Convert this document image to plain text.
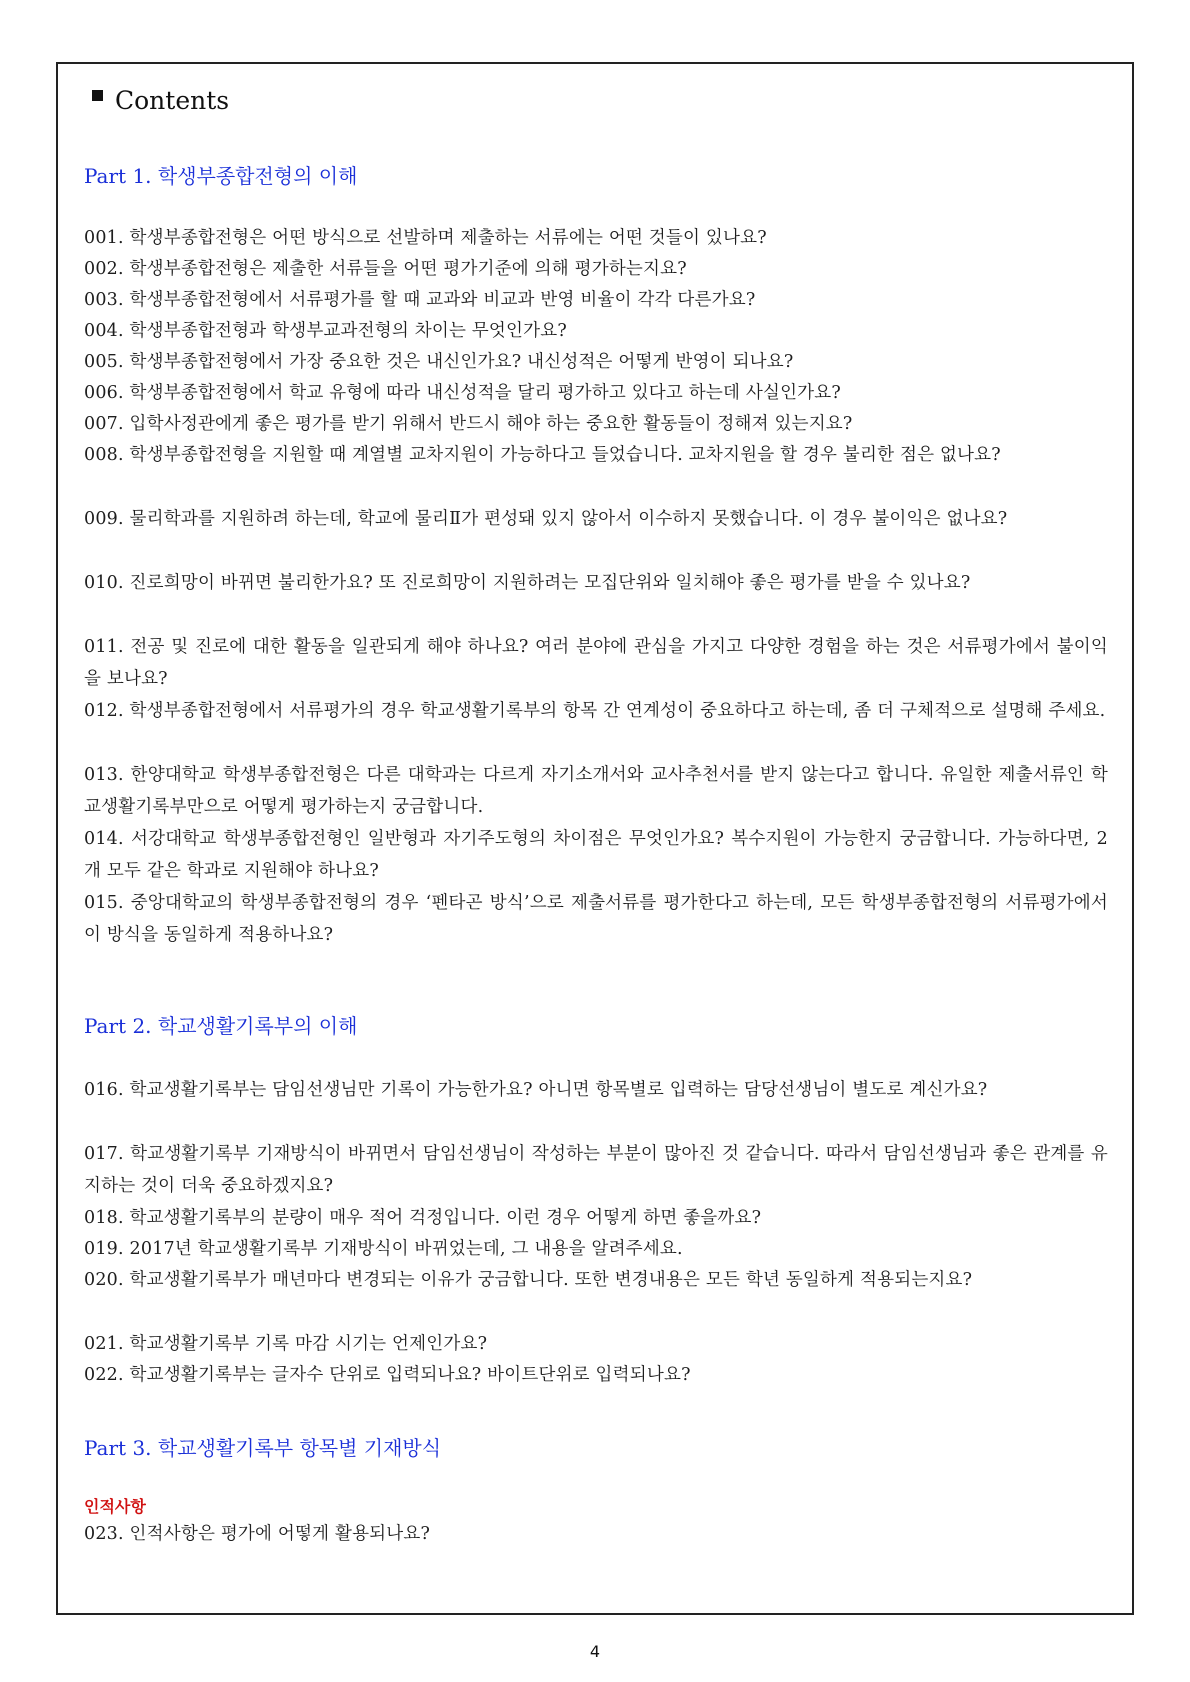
Contents
Part 1. 학생부종합전형의 이해

001. 학생부종합전형은 어떤 방식으로 선발하며 제출하는 서류에는 어떤 것들이 있나요?

002. 학생부종합전형은 제출한 서류들을 어떤 평가기준에 의해 평가하는지요?

003. 학생부종합전형에서 서류평가를 할 때 교과와 비교과 반영 비율이 각각 다른가요?

004. 학생부종합전형과 학생부교과전형의 차이는 무엇인가요?

005. 학생부종합전형에서 가장 중요한 것은 내신인가요? 내신성적은 어떻게 반영이 되나요?

006. 학생부종합전형에서 학교 유형에 따라 내신성적을 달리 평가하고 있다고 하는데 사실인가요?

007. 입학사정관에게 좋은 평가를 받기 위해서 반드시 해야 하는 중요한 활동들이 정해져 있는지요?

008. 학생부종합전형을 지원할 때 계열별 교차지원이 가능하다고 들었습니다. 교차지원을 할 경우 불리한 점은 없나요?

009. 물리학과를 지원하려 하는데, 학교에 물리Ⅱ가 편성돼 있지 않아서 이수하지 못했습니다. 이 경우 불이익은 없나요?

010. 진로희망이 바뀌면 불리한가요? 또 진로희망이 지원하려는 모집단위와 일치해야 좋은 평가를 받을 수 있나요?

011. 전공 및 진로에 대한 활동을 일관되게 해야 하나요? 여러 분야에 관심을 가지고 다양한 경험을 하는 것은 서류평가에서 불이익을 보나요?

012. 학생부종합전형에서 서류평가의 경우 학교생활기록부의 항목 간 연계성이 중요하다고 하는데, 좀 더 구체적으로 설명해 주세요.

013. 한양대학교 학생부종합전형은 다른 대학과는 다르게 자기소개서와 교사추천서를 받지 않는다고 합니다. 유일한 제출서류인 학교생활기록부만으로 어떻게 평가하는지 궁금합니다.

014. 서강대학교 학생부종합전형인 일반형과 자기주도형의 차이점은 무엇인가요? 복수지원이 가능한지 궁금합니다. 가능하다면, 2개 모두 같은 학과로 지원해야 하나요?

015. 중앙대학교의 학생부종합전형의 경우 ‘펜타곤 방식’으로 제출서류를 평가한다고 하는데, 모든 학생부종합전형의 서류평가에서 이 방식을 동일하게 적용하나요?

Part 2. 학교생활기록부의 이해

016. 학교생활기록부는 담임선생님만 기록이 가능한가요? 아니면 항목별로 입력하는 담당선생님이 별도로 계신가요?

017. 학교생활기록부 기재방식이 바뀌면서 담임선생님이 작성하는 부분이 많아진 것 같습니다. 따라서 담임선생님과 좋은 관계를 유지하는 것이 더욱 중요하겠지요?

018. 학교생활기록부의 분량이 매우 적어 걱정입니다. 이런 경우 어떻게 하면 좋을까요?

019. 2017년 학교생활기록부 기재방식이 바뀌었는데, 그 내용을 알려주세요.

020. 학교생활기록부가 매년마다 변경되는 이유가 궁금합니다. 또한 변경내용은 모든 학년 동일하게 적용되는지요?

021. 학교생활기록부 기록 마감 시기는 언제인가요?

022. 학교생활기록부는 글자수 단위로 입력되나요? 바이트단위로 입력되나요?

Part 3. 학교생활기록부 항목별 기재방식
인적사항

023. 인적사항은 평가에 어떻게 활용되나요?

4
